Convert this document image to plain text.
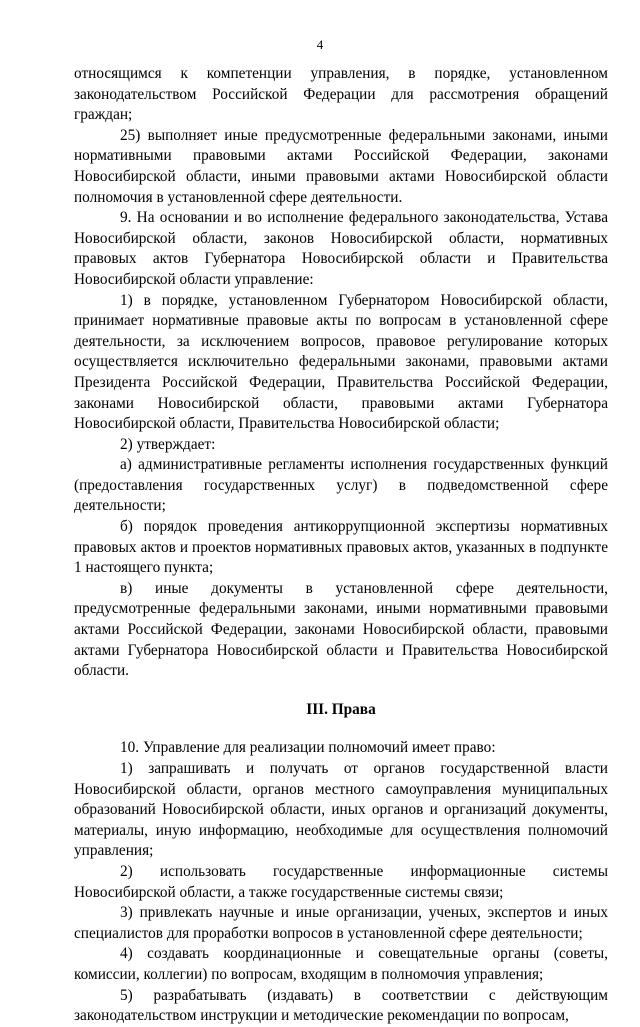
4

относящимся к компетенции управления, в порядке, установленном законодательством Российской Федерации для рассмотрения обращений граждан;

25) выполняет иные предусмотренные федеральными законами, иными нормативными правовыми актами Российской Федерации, законами Новосибирской области, иными правовыми актами Новосибирской области полномочия в установленной сфере деятельности.

9. На основании и во исполнение федерального законодательства, Устава Новосибирской области, законов Новосибирской области, нормативных правовых актов Губернатора Новосибирской области и Правительства Новосибирской области управление:

1) в порядке, установленном Губернатором Новосибирской области, принимает нормативные правовые акты по вопросам в установленной сфере деятельности, за исключением вопросов, правовое регулирование которых осуществляется исключительно федеральными законами, правовыми актами Президента Российской Федерации, Правительства Российской Федерации, законами Новосибирской области, правовыми актами Губернатора Новосибирской области, Правительства Новосибирской области;

2) утверждает:

а) административные регламенты исполнения государственных функций (предоставления государственных услуг) в подведомственной сфере деятельности;

б) порядок проведения антикоррупционной экспертизы нормативных правовых актов и проектов нормативных правовых актов, указанных в подпункте 1 настоящего пункта;

в) иные документы в установленной сфере деятельности, предусмотренные федеральными законами, иными нормативными правовыми актами Российской Федерации, законами Новосибирской области, правовыми актами Губернатора Новосибирской области и Правительства Новосибирской области.

III. Права

10. Управление для реализации полномочий имеет право:

1) запрашивать и получать от органов государственной власти Новосибирской области, органов местного самоуправления муниципальных образований Новосибирской области, иных органов и организаций документы, материалы, иную информацию, необходимые для осуществления полномочий управления;

2) использовать государственные информационные системы Новосибирской области, а также государственные системы связи;

3) привлекать научные и иные организации, ученых, экспертов и иных специалистов для проработки вопросов в установленной сфере деятельности;

4) создавать координационные и совещательные органы (советы, комиссии, коллегии) по вопросам, входящим в полномочия управления;

5) разрабатывать (издавать) в соответствии с действующим законодательством инструкции и методические рекомендации по вопросам,
